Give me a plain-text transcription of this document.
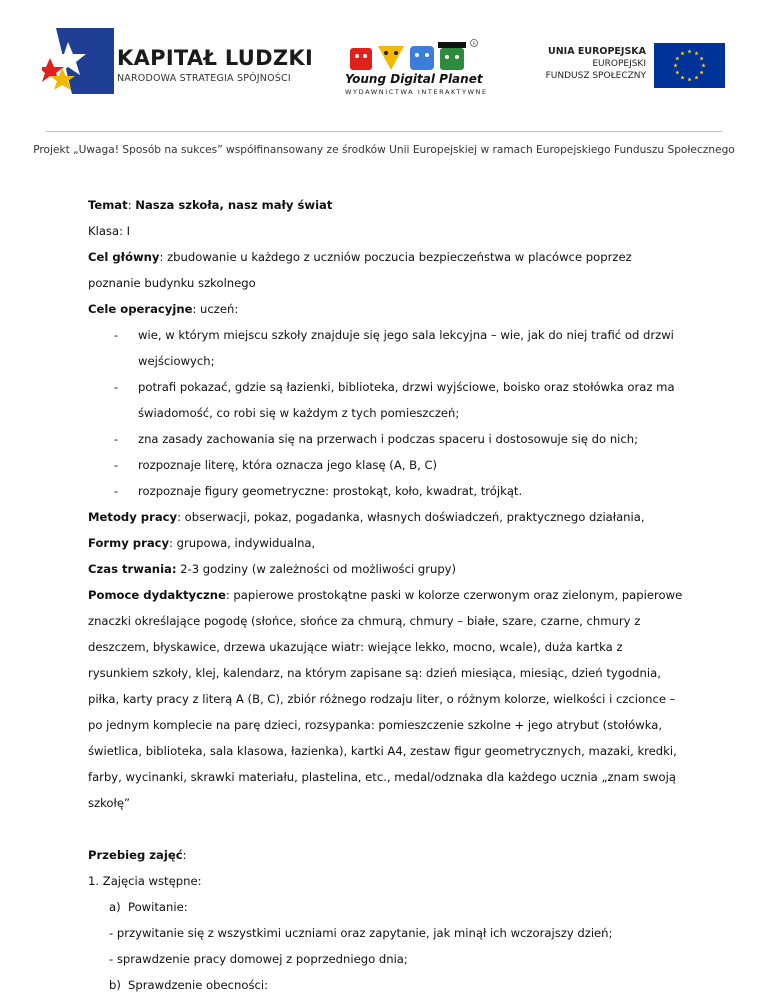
KAPITAŁ LUDZKI
NARODOWA STRATEGIA SPÓJNOŚCI
R
Young Digital Planet
WYDAWNICTWA INTERAKTYWNE
UNIA EUROPEJSKA
EUROPEJSKI
FUNDUSZ SPOŁECZNY
Projekt „Uwaga! Sposób na sukces” współfinansowany ze środków Unii Europejskiej w ramach Europejskiego Funduszu Społecznego
Temat: Nasza szkoła, nasz mały świat
Klasa: I
Cel główny: zbudowanie u każdego z uczniów poczucia bezpieczeństwa w placówce poprzez
poznanie budynku szkolnego
Cele operacyjne: uczeń:
- wie, w którym miejscu szkoły znajduje się jego sala lekcyjna – wie, jak do niej trafić od drzwi
wejściowych;
- potrafi pokazać, gdzie są łazienki, biblioteka, drzwi wyjściowe, boisko oraz stołówka oraz ma
świadomość, co robi się w każdym z tych pomieszczeń;
- zna zasady zachowania się na przerwach i podczas spaceru i dostosowuje się do nich;
- rozpoznaje literę, która oznacza jego klasę (A, B, C)
- rozpoznaje figury geometryczne: prostokąt, koło, kwadrat, trójkąt.
Metody pracy: obserwacji, pokaz, pogadanka, własnych doświadczeń, praktycznego działania,
Formy pracy: grupowa, indywidualna,
Czas trwania: 2-3 godziny (w zależności od możliwości grupy)
Pomoce dydaktyczne: papierowe prostokątne paski w kolorze czerwonym oraz zielonym, papierowe
znaczki określające pogodę (słońce, słońce za chmurą, chmury – białe, szare, czarne, chmury z
deszczem, błyskawice, drzewa ukazujące wiatr: wiejące lekko, mocno, wcale), duża kartka z
rysunkiem szkoły, klej, kalendarz, na którym zapisane są: dzień miesiąca, miesiąc, dzień tygodnia,
piłka, karty pracy z literą A (B, C), zbiór różnego rodzaju liter, o różnym kolorze, wielkości i czcionce –
po jednym komplecie na parę dzieci, rozsypanka: pomieszczenie szkolne + jego atrybut (stołówka,
świetlica, biblioteka, sala klasowa, łazienka), kartki A4, zestaw figur geometrycznych, mazaki, kredki,
farby, wycinanki, skrawki materiału, plastelina, etc., medal/odznaka dla każdego ucznia „znam swoją
szkołę”
Przebieg zajęć:
1. Zajęcia wstępne:
a) Powitanie:
- przywitanie się z wszystkimi uczniami oraz zapytanie, jak minął ich wczorajszy dzień;
- sprawdzenie pracy domowej z poprzedniego dnia;
b) Sprawdzenie obecności:
